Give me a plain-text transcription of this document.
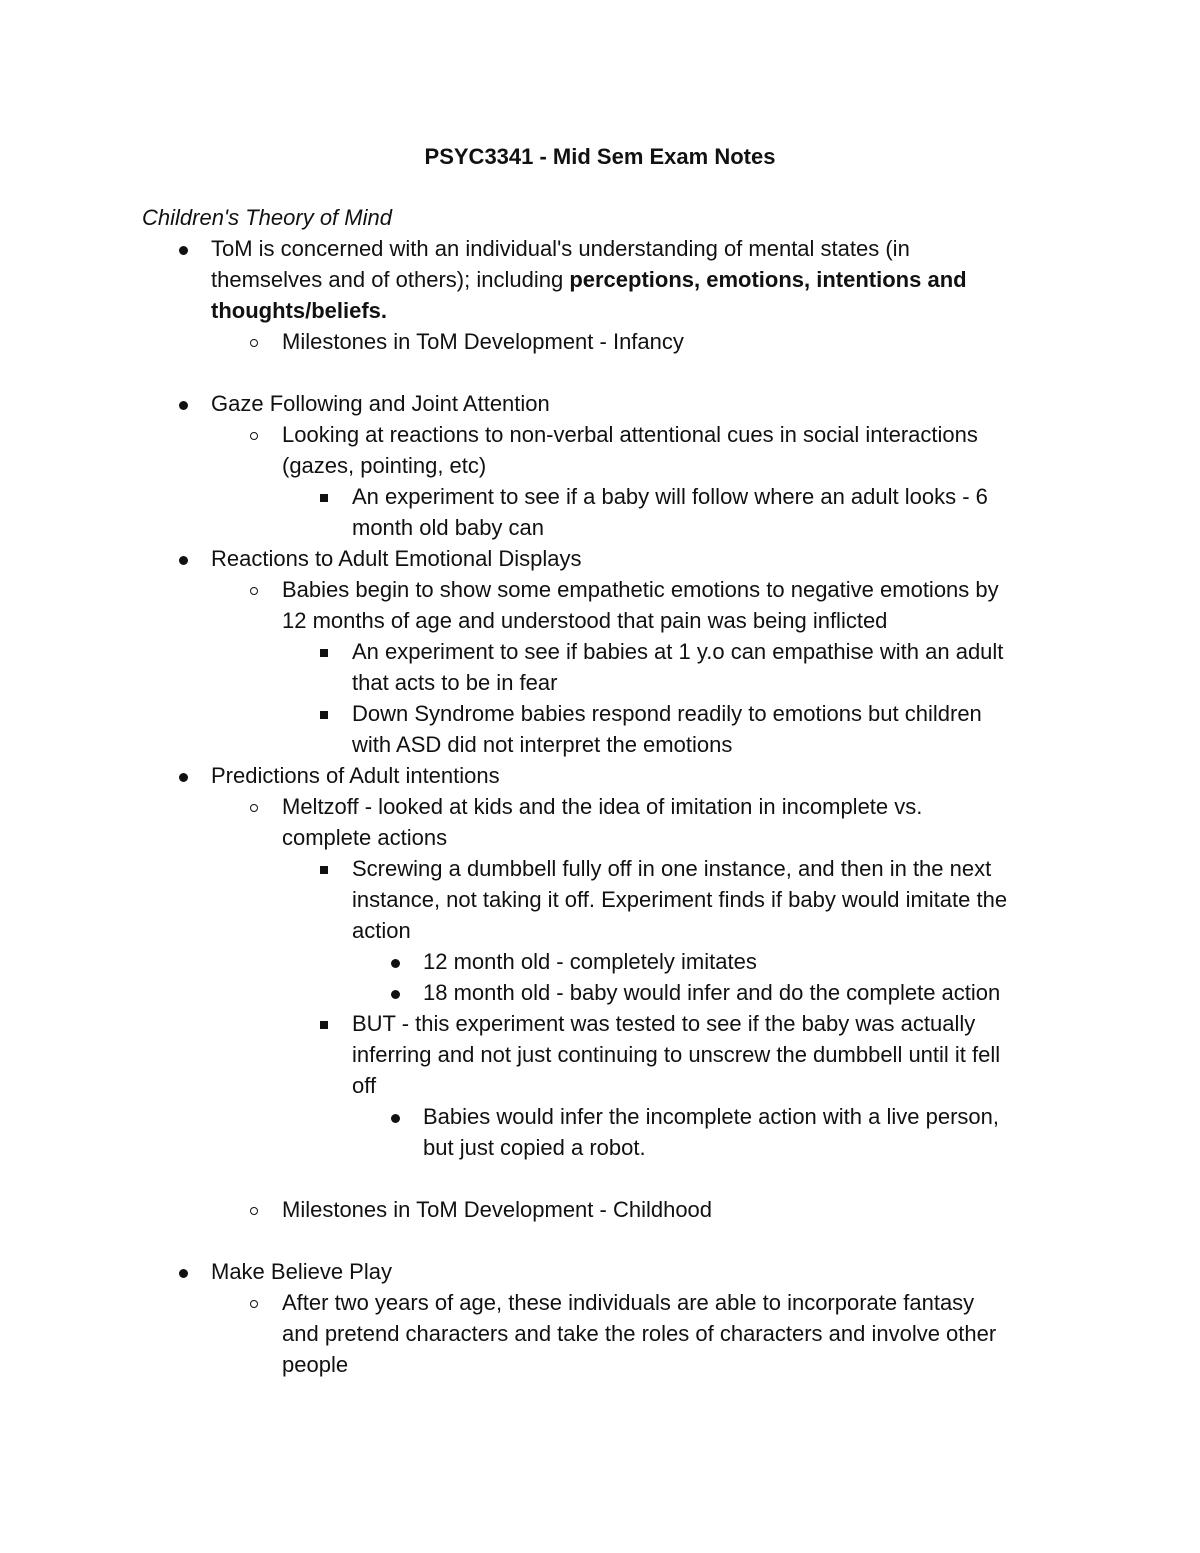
PSYC3341 - Mid Sem Exam Notes

Children's Theory of Mind

ToM is concerned with an individual's understanding of mental states (in
themselves and of others); including perceptions, emotions, intentions and
thoughts/beliefs.
Milestones in ToM Development - Infancy
Gaze Following and Joint Attention
Looking at reactions to non-verbal attentional cues in social interactions
(gazes, pointing, etc)
An experiment to see if a baby will follow where an adult looks - 6
month old baby can
Reactions to Adult Emotional Displays
Babies begin to show some empathetic emotions to negative emotions by
12 months of age and understood that pain was being inflicted
An experiment to see if babies at 1 y.o can empathise with an adult
that acts to be in fear
Down Syndrome babies respond readily to emotions but children
with ASD did not interpret the emotions
Predictions of Adult intentions
Meltzoff - looked at kids and the idea of imitation in incomplete vs.
complete actions
Screwing a dumbbell fully off in one instance, and then in the next
instance, not taking it off. Experiment finds if baby would imitate the
action
12 month old - completely imitates
18 month old - baby would infer and do the complete action
BUT - this experiment was tested to see if the baby was actually
inferring and not just continuing to unscrew the dumbbell until it fell
off
Babies would infer the incomplete action with a live person,
but just copied a robot.
Milestones in ToM Development - Childhood
Make Believe Play
After two years of age, these individuals are able to incorporate fantasy
and pretend characters and take the roles of characters and involve other
people
